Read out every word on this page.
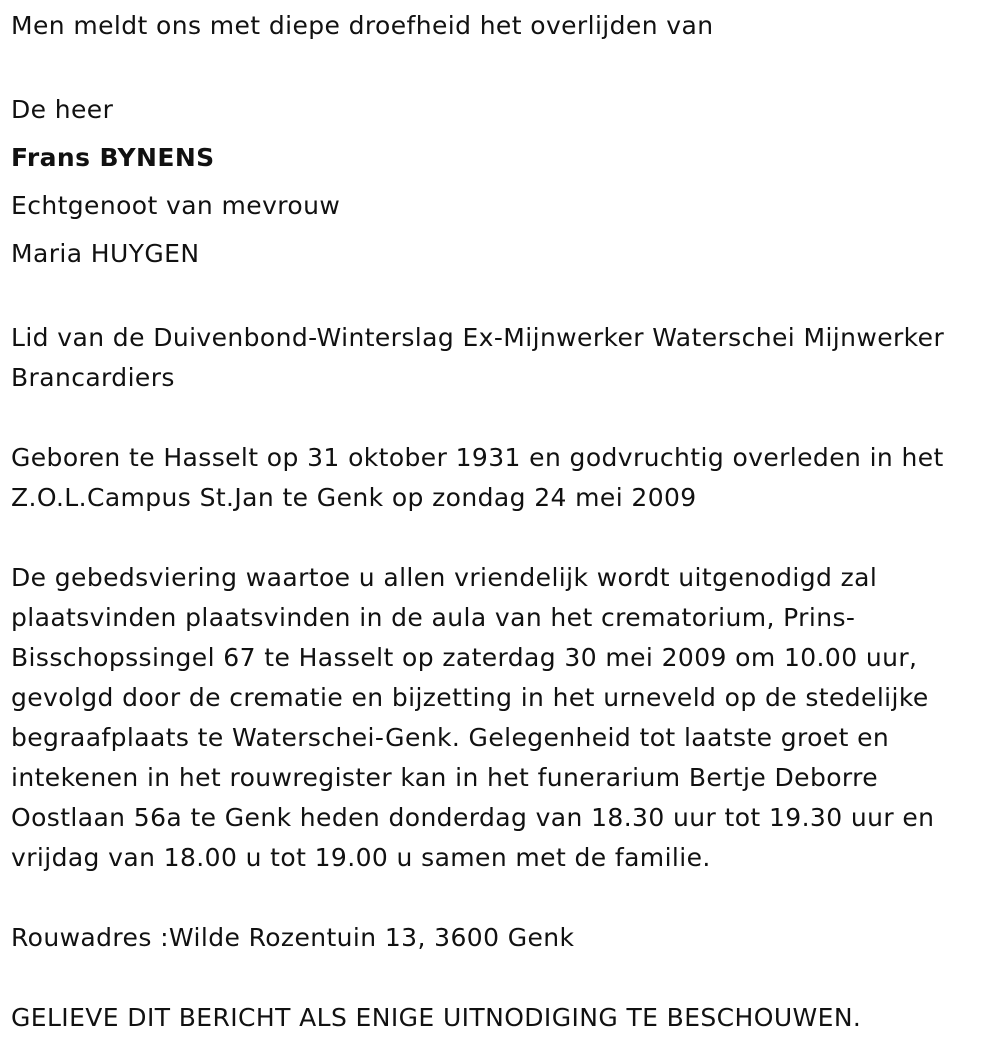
Men meldt ons met diepe droefheid het overlijden van

De heer

Frans BYNENS

Echtgenoot van mevrouw

Maria HUYGEN

Lid van de Duivenbond-Winterslag Ex-Mijnwerker Waterschei Mijnwerker

Brancardiers

Geboren te Hasselt op 31 oktober 1931 en godvruchtig overleden in het

Z.O.L.Campus St.Jan te Genk op zondag 24 mei 2009

De gebedsviering waartoe u allen vriendelijk wordt uitgenodigd zal

plaatsvinden plaatsvinden in de aula van het crematorium, Prins-

Bisschopssingel 67 te Hasselt op zaterdag 30 mei 2009 om 10.00 uur,

gevolgd door de crematie en bijzetting in het urneveld op de stedelijke

begraafplaats te Waterschei-Genk. Gelegenheid tot laatste groet en

intekenen in het rouwregister kan in het funerarium Bertje Deborre

Oostlaan 56a te Genk heden donderdag van 18.30 uur tot 19.30 uur en

vrijdag van 18.00 u tot 19.00 u samen met de familie.

Rouwadres :Wilde Rozentuin 13, 3600 Genk

GELIEVE DIT BERICHT ALS ENIGE UITNODIGING TE BESCHOUWEN.
